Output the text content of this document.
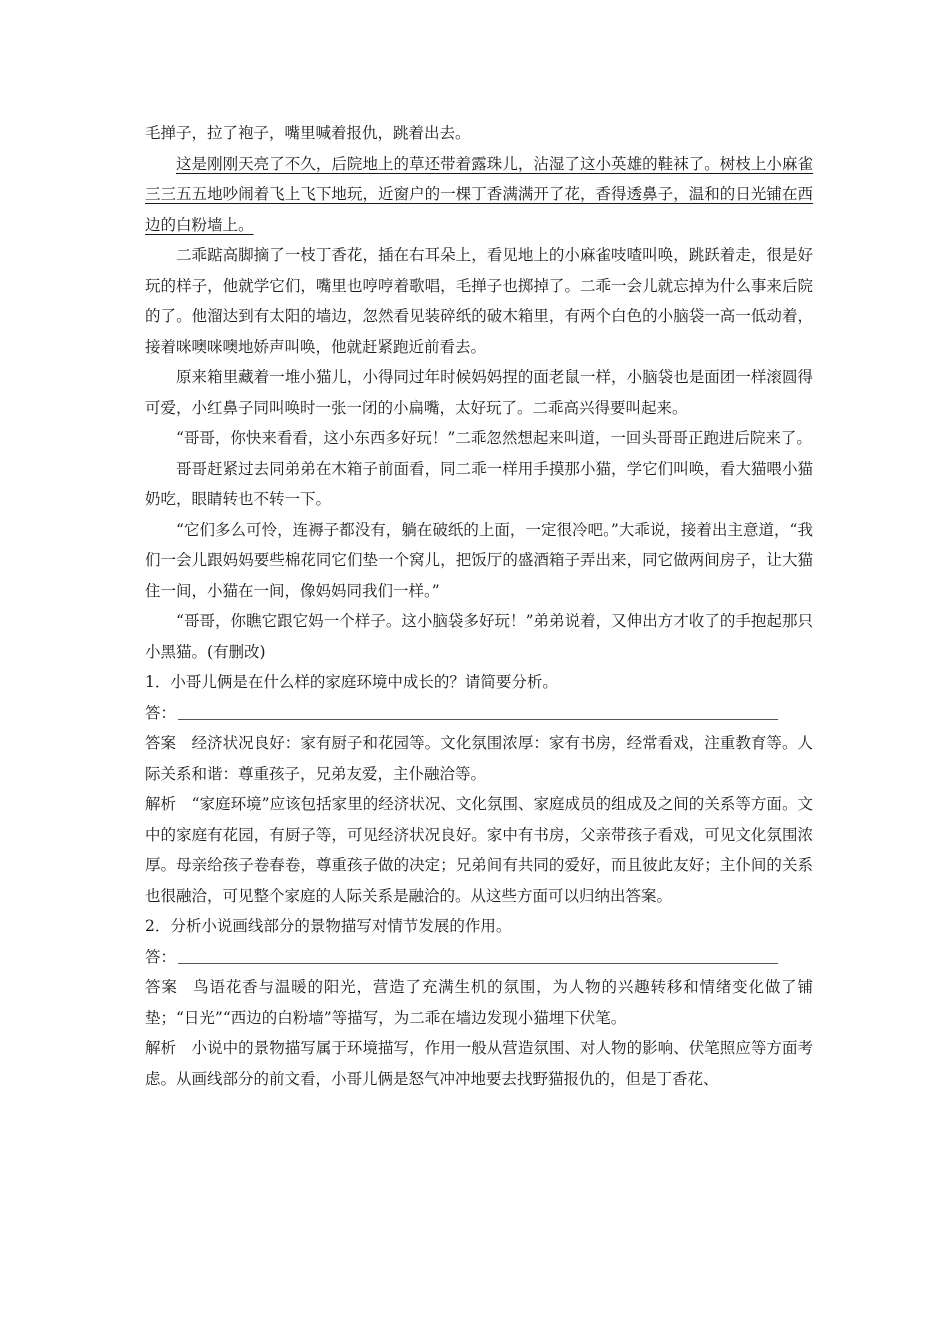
毛掸子，拉了袍子，嘴里喊着报仇，跳着出去。

这是刚刚天亮了不久，后院地上的草还带着露珠儿，沾湿了这小英雄的鞋袜了。树枝上小麻雀三三五五地吵闹着飞上飞下地玩，近窗户的一棵丁香满满开了花，香得透鼻子，温和的日光铺在西边的白粉墙上。

二乖踮高脚摘了一枝丁香花，插在右耳朵上，看见地上的小麻雀吱喳叫唤，跳跃着走，很是好玩的样子，他就学它们，嘴里也哼哼着歌唱，毛掸子也掷掉了。二乖一会儿就忘掉为什么事来后院的了。他溜达到有太阳的墙边，忽然看见装碎纸的破木箱里，有两个白色的小脑袋一高一低动着，接着咪噢咪噢地娇声叫唤，他就赶紧跑近前看去。

原来箱里藏着一堆小猫儿，小得同过年时候妈妈捏的面老鼠一样，小脑袋也是面团一样滚圆得可爱，小红鼻子同叫唤时一张一闭的小扁嘴，太好玩了。二乖高兴得要叫起来。

“哥哥，你快来看看，这小东西多好玩！”二乖忽然想起来叫道，一回头哥哥正跑进后院来了。

哥哥赶紧过去同弟弟在木箱子前面看，同二乖一样用手摸那小猫，学它们叫唤，看大猫喂小猫奶吃，眼睛转也不转一下。

“它们多么可怜，连褥子都没有，躺在破纸的上面，一定很冷吧。”大乖说，接着出主意道，“我们一会儿跟妈妈要些棉花同它们垫一个窝儿，把饭厅的盛酒箱子弄出来，同它做两间房子，让大猫住一间，小猫在一间，像妈妈同我们一样。”

“哥哥，你瞧它跟它妈一个样子。这小脑袋多好玩！”弟弟说着，又伸出方才收了的手抱起那只小黑猫。(有删改)

1．小哥儿俩是在什么样的家庭环境中成长的？请简要分析。

答：

答案 经济状况良好：家有厨子和花园等。文化氛围浓厚：家有书房，经常看戏，注重教育等。人际关系和谐：尊重孩子，兄弟友爱，主仆融洽等。

解析 “家庭环境”应该包括家里的经济状况、文化氛围、家庭成员的组成及之间的关系等方面。文中的家庭有花园，有厨子等，可见经济状况良好。家中有书房，父亲带孩子看戏，可见文化氛围浓厚。母亲给孩子卷春卷，尊重孩子做的决定；兄弟间有共同的爱好，而且彼此友好；主仆间的关系也很融洽，可见整个家庭的人际关系是融洽的。从这些方面可以归纳出答案。

2．分析小说画线部分的景物描写对情节发展的作用。

答：

答案 鸟语花香与温暖的阳光，营造了充满生机的氛围，为人物的兴趣转移和情绪变化做了铺垫；“日光”“西边的白粉墙”等描写，为二乖在墙边发现小猫埋下伏笔。

解析 小说中的景物描写属于环境描写，作用一般从营造氛围、对人物的影响、伏笔照应等方面考虑。从画线部分的前文看，小哥儿俩是怒气冲冲地要去找野猫报仇的，但是丁香花、
